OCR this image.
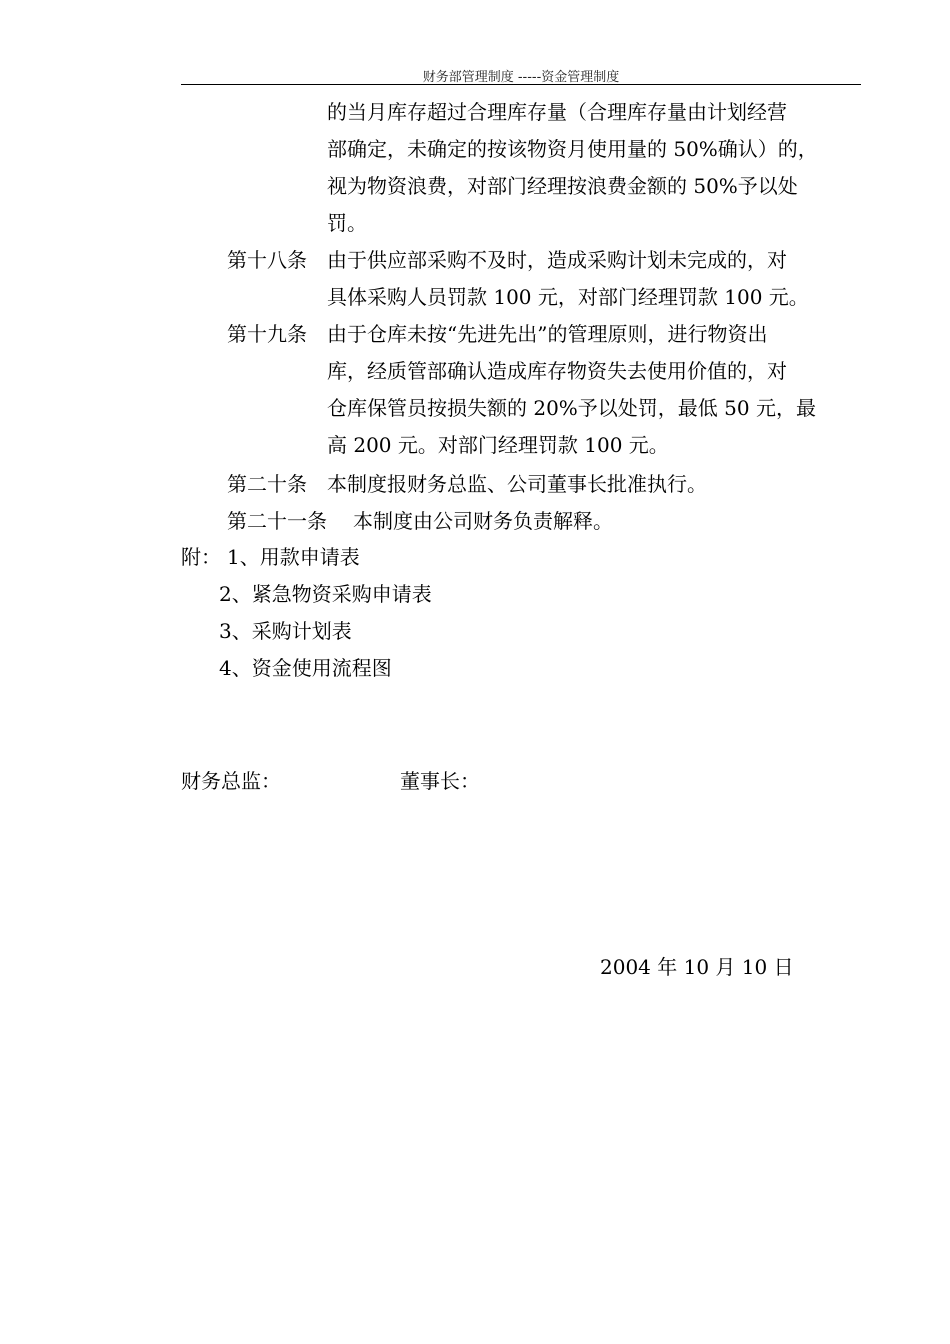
财务部管理制度 -----资金管理制度
的当月库存超过合理库存量（合理库存量由计划经营
部确定，未确定的按该物资月使用量的 50%确认）的，
视为物资浪费，对部门经理按浪费金额的 50%予以处
罚。
第十八条 由于供应部采购不及时，造成采购计划未完成的，对
具体采购人员罚款 100 元，对部门经理罚款 100 元。
第十九条 由于仓库未按“先进先出”的管理原则，进行物资出
库，经质管部确认造成库存物资失去使用价值的，对
仓库保管员按损失额的 20%予以处罚，最低 50 元，最
高 200 元。对部门经理罚款 100 元。
第二十条 本制度报财务总监、公司董事长批准执行。
第二十一条 本制度由公司财务负责解释。
附： 1、用款申请表
2、紧急物资采购申请表
3、采购计划表
4、资金使用流程图
财务总监：	董事长：
2004 年 10 月 10 日
